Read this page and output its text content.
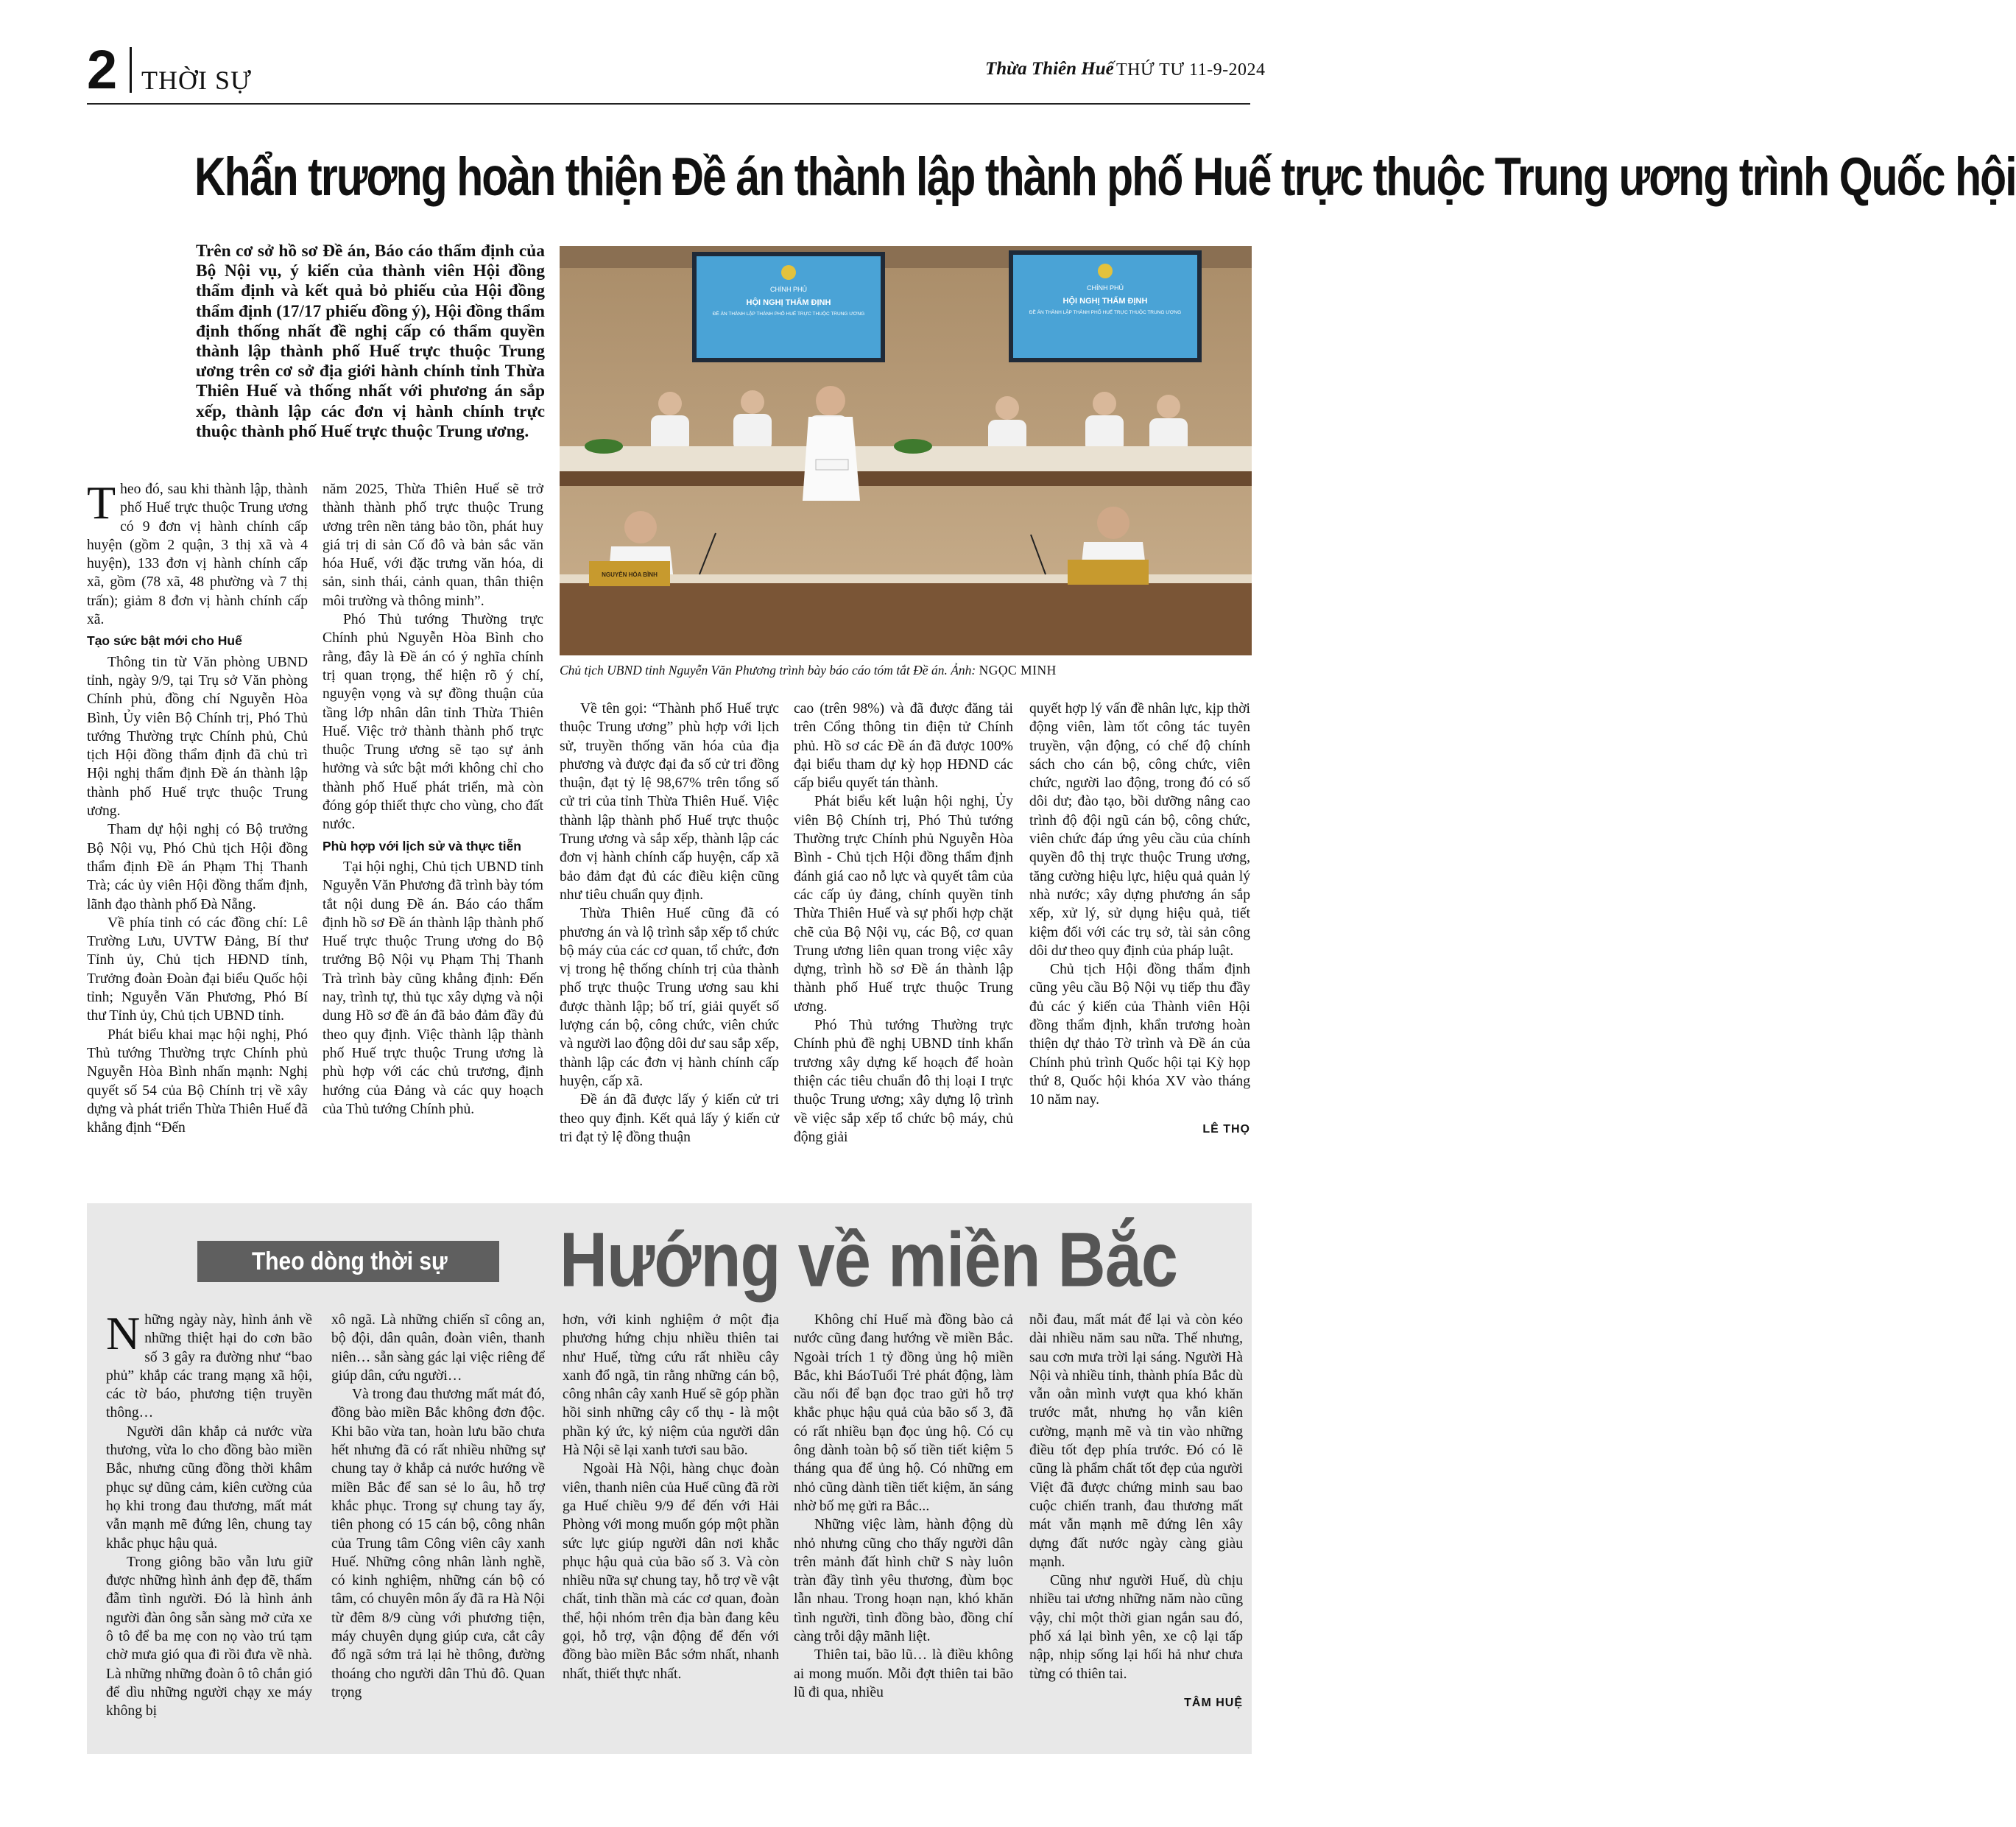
2 THỜI SỰ	Thừa Thiên Huế THỨ TƯ 11-9-2024
Khẩn trương hoàn thiện Đề án thành lập thành phố Huế trực thuộc Trung ương trình Quốc hội

Trên cơ sở hồ sơ Đề án, Báo cáo thẩm định của Bộ Nội vụ, ý kiến của thành viên Hội đồng thẩm định và kết quả bỏ phiếu của Hội đồng thẩm định (17/17 phiếu đồng ý), Hội đồng thẩm định thống nhất đề nghị cấp có thẩm quyền thành lập thành phố Huế trực thuộc Trung ương trên cơ sở địa giới hành chính tỉnh Thừa Thiên Huế và thống nhất với phương án sắp xếp, thành lập các đơn vị hành chính trực thuộc thành phố Huế trực thuộc Trung ương.

CHÍNH PHỦ
HỘI NGHỊ THẨM ĐỊNH
ĐỀ ÁN THÀNH LẬP THÀNH PHỐ HUẾ TRỰC THUỘC TRUNG ƯƠNG
CHÍNH PHỦ
HỘI NGHỊ THẨM ĐỊNH
ĐỀ ÁN THÀNH LẬP THÀNH PHỐ HUẾ TRỰC THUỘC TRUNG ƯƠNG
NGUYỄN HÒA BÌNH
Chủ tịch UBND tỉnh Nguyễn Văn Phương trình bày báo cáo tóm tắt Đề án. Ảnh: NGỌC MINH

Theo đó, sau khi thành lập, thành phố Huế trực thuộc Trung ương có 9 đơn vị hành chính cấp huyện (gồm 2 quận, 3 thị xã và 4 huyện), 133 đơn vị hành chính cấp xã, gồm (78 xã, 48 phường và 7 thị trấn); giảm 8 đơn vị hành chính cấp xã.

Tạo sức bật mới cho Huế

Thông tin từ Văn phòng UBND tỉnh, ngày 9/9, tại Trụ sở Văn phòng Chính phủ, đồng chí Nguyễn Hòa Bình, Ủy viên Bộ Chính trị, Phó Thủ tướng Thường trực Chính phủ, Chủ tịch Hội đồng thẩm định đã chủ trì Hội nghị thẩm định Đề án thành lập thành phố Huế trực thuộc Trung ương.

Tham dự hội nghị có Bộ trưởng Bộ Nội vụ, Phó Chủ tịch Hội đồng thẩm định Đề án Phạm Thị Thanh Trà; các ủy viên Hội đồng thẩm định, lãnh đạo thành phố Đà Nẵng.

Về phía tỉnh có các đồng chí: Lê Trường Lưu, UVTW Đảng, Bí thư Tỉnh ủy, Chủ tịch HĐND tỉnh, Trưởng đoàn Đoàn đại biểu Quốc hội tỉnh; Nguyễn Văn Phương, Phó Bí thư Tỉnh ủy, Chủ tịch UBND tỉnh.

Phát biểu khai mạc hội nghị, Phó Thủ tướng Thường trực Chính phủ Nguyễn Hòa Bình nhấn mạnh: Nghị quyết số 54 của Bộ Chính trị về xây dựng và phát triển Thừa Thiên Huế đã khẳng định “Đến

năm 2025, Thừa Thiên Huế sẽ trở thành thành phố trực thuộc Trung ương trên nền tảng bảo tồn, phát huy giá trị di sản Cố đô và bản sắc văn hóa Huế, với đặc trưng văn hóa, di sản, sinh thái, cảnh quan, thân thiện môi trường và thông minh”.

Phó Thủ tướng Thường trực Chính phủ Nguyễn Hòa Bình cho rằng, đây là Đề án có ý nghĩa chính trị quan trọng, thể hiện rõ ý chí, nguyện vọng và sự đồng thuận của tầng lớp nhân dân tỉnh Thừa Thiên Huế. Việc trở thành thành phố trực thuộc Trung ương sẽ tạo sự ảnh hưởng và sức bật mới không chỉ cho thành phố Huế phát triển, mà còn đóng góp thiết thực cho vùng, cho đất nước.

Phù hợp với lịch sử và thực tiễn

Tại hội nghị, Chủ tịch UBND tỉnh Nguyễn Văn Phương đã trình bày tóm tắt nội dung Đề án. Báo cáo thẩm định hồ sơ Đề án thành lập thành phố Huế trực thuộc Trung ương do Bộ trưởng Bộ Nội vụ Phạm Thị Thanh Trà trình bày cũng khẳng định: Đến nay, trình tự, thủ tục xây dựng và nội dung Hồ sơ đề án đã bảo đảm đầy đủ theo quy định. Việc thành lập thành phố Huế trực thuộc Trung ương là phù hợp với các chủ trương, định hướng của Đảng và các quy hoạch của Thủ tướng Chính phủ.

Về tên gọi: “Thành phố Huế trực thuộc Trung ương” phù hợp với lịch sử, truyền thống văn hóa của địa phương và được đại đa số cử tri đồng thuận, đạt tỷ lệ 98,67% trên tổng số cử tri của tỉnh Thừa Thiên Huế. Việc thành lập thành phố Huế trực thuộc Trung ương và sắp xếp, thành lập các đơn vị hành chính cấp huyện, cấp xã bảo đảm đạt đủ các điều kiện cũng như tiêu chuẩn quy định.

Thừa Thiên Huế cũng đã có phương án và lộ trình sắp xếp tổ chức bộ máy của các cơ quan, tổ chức, đơn vị trong hệ thống chính trị của thành phố trực thuộc Trung ương sau khi được thành lập; bố trí, giải quyết số lượng cán bộ, công chức, viên chức và người lao động dôi dư sau sắp xếp, thành lập các đơn vị hành chính cấp huyện, cấp xã.

Đề án đã được lấy ý kiến cử tri theo quy định. Kết quả lấy ý kiến cử tri đạt tỷ lệ đồng thuận

cao (trên 98%) và đã được đăng tải trên Cổng thông tin điện tử Chính phủ. Hồ sơ các Đề án đã được 100% đại biểu tham dự kỳ họp HĐND các cấp biểu quyết tán thành.

Phát biểu kết luận hội nghị, Ủy viên Bộ Chính trị, Phó Thủ tướng Thường trực Chính phủ Nguyễn Hòa Bình - Chủ tịch Hội đồng thẩm định đánh giá cao nỗ lực và quyết tâm của các cấp ủy đảng, chính quyền tỉnh Thừa Thiên Huế và sự phối hợp chặt chẽ của Bộ Nội vụ, các Bộ, cơ quan Trung ương liên quan trong việc xây dựng, trình hồ sơ Đề án thành lập thành phố Huế trực thuộc Trung ương.

Phó Thủ tướng Thường trực Chính phủ đề nghị UBND tỉnh khẩn trương xây dựng kế hoạch để hoàn thiện các tiêu chuẩn đô thị loại I trực thuộc Trung ương; xây dựng lộ trình về việc sắp xếp tổ chức bộ máy, chủ động giải

quyết hợp lý vấn đề nhân lực, kịp thời động viên, làm tốt công tác tuyên truyền, vận động, có chế độ chính sách cho cán bộ, công chức, viên chức, người lao động, trong đó có số dôi dư; đào tạo, bồi dưỡng nâng cao trình độ đội ngũ cán bộ, công chức, viên chức đáp ứng yêu cầu của chính quyền đô thị trực thuộc Trung ương, tăng cường hiệu lực, hiệu quả quản lý nhà nước; xây dựng phương án sắp xếp, xử lý, sử dụng hiệu quả, tiết kiệm đối với các trụ sở, tài sản công dôi dư theo quy định của pháp luật.

Chủ tịch Hội đồng thẩm định cũng yêu cầu Bộ Nội vụ tiếp thu đầy đủ các ý kiến của Thành viên Hội đồng thẩm định, khẩn trương hoàn thiện dự thảo Tờ trình và Đề án của Chính phủ trình Quốc hội tại Kỳ họp thứ 8, Quốc hội khóa XV vào tháng 10 năm nay.

LÊ THỌ

Theo dòng thời sự Hướng về miền Bắc

Những ngày này, hình ảnh về những thiệt hại do cơn bão số 3 gây ra đường như “bao phủ” khắp các trang mạng xã hội, các tờ báo, phương tiện truyền thông…

Người dân khắp cả nước vừa thương, vừa lo cho đồng bào miền Bắc, nhưng cũng đồng thời khâm phục sự dũng cảm, kiên cường của họ khi trong đau thương, mất mát vẫn mạnh mẽ đứng lên, chung tay khắc phục hậu quả.

Trong giông bão vẫn lưu giữ được những hình ảnh đẹp đẽ, thấm đẫm tình người. Đó là hình ảnh người đàn ông sẵn sàng mở cửa xe ô tô để ba mẹ con nọ vào trú tạm chờ mưa gió qua đi rồi đưa về nhà. Là những những đoàn ô tô chắn gió để dìu những người chạy xe máy không bị

xô ngã. Là những chiến sĩ công an, bộ đội, dân quân, đoàn viên, thanh niên… sẵn sàng gác lại việc riêng để giúp dân, cứu người…

Và trong đau thương mất mát đó, đồng bào miền Bắc không đơn độc. Khi bão vừa tan, hoàn lưu bão chưa hết nhưng đã có rất nhiều những sự chung tay ở khắp cả nước hướng về miền Bắc để san sẻ lo âu, hỗ trợ khắc phục. Trong sự chung tay ấy, tiên phong có 15 cán bộ, công nhân của Trung tâm Công viên cây xanh Huế. Những công nhân lành nghề, có kinh nghiệm, những cán bộ có tâm, có chuyên môn ấy đã ra Hà Nội từ đêm 8/9 cùng với phương tiện, máy chuyên dụng giúp cưa, cắt cây đổ ngã sớm trả lại hè thông, đường thoáng cho người dân Thủ đô. Quan trọng

hơn, với kinh nghiệm ở một địa phương hứng chịu nhiều thiên tai như Huế, từng cứu rất nhiều cây xanh đổ ngã, tin rằng những cán bộ, công nhân cây xanh Huế sẽ góp phần hồi sinh những cây cổ thụ - là một phần ký ức, kỷ niệm của người dân Hà Nội sẽ lại xanh tươi sau bão.

Ngoài Hà Nội, hàng chục đoàn viên, thanh niên của Huế cũng đã rời ga Huế chiều 9/9 để đến với Hải Phòng với mong muốn góp một phần sức lực giúp người dân nơi khắc phục hậu quả của bão số 3. Và còn nhiều nữa sự chung tay, hỗ trợ về vật chất, tinh thần mà các cơ quan, đoàn thể, hội nhóm trên địa bàn đang kêu gọi, hỗ trợ, vận động để đến với đồng bào miền Bắc sớm nhất, nhanh nhất, thiết thực nhất.

Không chỉ Huế mà đồng bào cả nước cũng đang hướng về miền Bắc. Ngoài trích 1 tỷ đồng ủng hộ miền Bắc, khi BáoTuổi Trẻ phát động, làm cầu nối để bạn đọc trao gửi hỗ trợ khắc phục hậu quả của bão số 3, đã có rất nhiều bạn đọc ủng hộ. Có cụ ông dành toàn bộ số tiền tiết kiệm 5 tháng qua để ủng hộ. Có những em nhỏ cũng dành tiền tiết kiệm, ăn sáng nhờ bố mẹ gửi ra Bắc...

Những việc làm, hành động dù nhỏ nhưng cũng cho thấy người dân trên mảnh đất hình chữ S này luôn tràn đầy tình yêu thương, đùm bọc lẫn nhau. Trong hoạn nạn, khó khăn tình người, tình đồng bào, đồng chí càng trỗi dậy mãnh liệt.

Thiên tai, bão lũ… là điều không ai mong muốn. Mỗi đợt thiên tai bão lũ đi qua, nhiều

nỗi đau, mất mát để lại và còn kéo dài nhiều năm sau nữa. Thế nhưng, sau cơn mưa trời lại sáng. Người Hà Nội và nhiều tỉnh, thành phía Bắc dù vẫn oằn mình vượt qua khó khăn trước mắt, nhưng họ vẫn kiên cường, mạnh mẽ và tin vào những điều tốt đẹp phía trước. Đó có lẽ cũng là phẩm chất tốt đẹp của người Việt đã được chứng minh sau bao cuộc chiến tranh, đau thương mất mát vẫn mạnh mẽ đứng lên xây dựng đất nước ngày càng giàu mạnh.

Cũng như người Huế, dù chịu nhiều tai ương những năm nào cũng vậy, chỉ một thời gian ngắn sau đó, phố xá lại bình yên, xe cộ lại tấp nập, nhịp sống lại hối hả như chưa từng có thiên tai.

TÂM HUỆ
